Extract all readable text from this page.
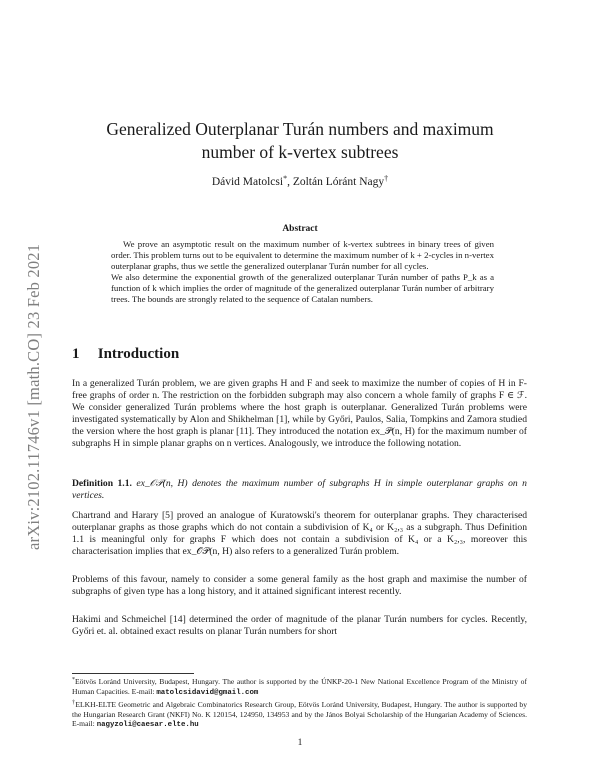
arXiv:2102.11746v1 [math.CO] 23 Feb 2021
Generalized Outerplanar Turán numbers and maximum
number of k-vertex subtrees
Dávid Matolcsi*, Zoltán Lóránt Nagy†
Abstract

We prove an asymptotic result on the maximum number of k-vertex subtrees in binary trees of given order. This problem turns out to be equivalent to determine the maximum number of k + 2-cycles in n-vertex outerplanar graphs, thus we settle the generalized outerplanar Turán number for all cycles.

We also determine the exponential growth of the generalized outerplanar Turán number of paths P_k as a function of k which implies the order of magnitude of the generalized outerplanar Turán number of arbitrary trees. The bounds are strongly related to the sequence of Catalan numbers.

1 Introduction
In a generalized Turán problem, we are given graphs H and F and seek to maximize the number of copies of H in F-free graphs of order n. The restriction on the forbidden subgraph may also concern a whole family of graphs F ∈ ℱ. We consider generalized Turán problems where the host graph is outerplanar. Generalized Turán problems were investigated systematically by Alon and Shikhelman [1], while by Győri, Paulos, Salia, Tompkins and Zamora studied the version where the host graph is planar [11]. They introduced the notation ex_𝒫(n, H) for the maximum number of subgraphs H in simple planar graphs on n vertices. Analogously, we introduce the following notation.
Definition 1.1. ex_𝒪𝒫(n, H) denotes the maximum number of subgraphs H in simple outerplanar graphs on n vertices.
Chartrand and Harary [5] proved an analogue of Kuratowski's theorem for outerplanar graphs. They characterised outerplanar graphs as those graphs which do not contain a subdivision of K₄ or K₂,₃ as a subgraph. Thus Definition 1.1 is meaningful only for graphs F which does not contain a subdivision of K₄ or a K₂,₃, moreover this characterisation implies that ex_𝒪𝒫(n, H) also refers to a generalized Turán problem.
Problems of this favour, namely to consider a some general family as the host graph and maximise the number of subgraphs of given type has a long history, and it attained significant interest recently.
Hakimi and Schmeichel [14] determined the order of magnitude of the planar Turán numbers for cycles. Recently, Győri et. al. obtained exact results on planar Turán numbers for short

*Eötvös Loránd University, Budapest, Hungary. The author is supported by the ÚNKP-20-1 New National Excellence Program of the Ministry of Human Capacities. E-mail: matolcsidavid@gmail.com

†ELKH-ELTE Geometric and Algebraic Combinatorics Research Group, Eötvös Loránd University, Budapest, Hungary. The author is supported by the Hungarian Research Grant (NKFI) No. K 120154, 124950, 134953 and by the János Bolyai Scholarship of the Hungarian Academy of Sciences. E-mail: nagyzoli@caesar.elte.hu

1
